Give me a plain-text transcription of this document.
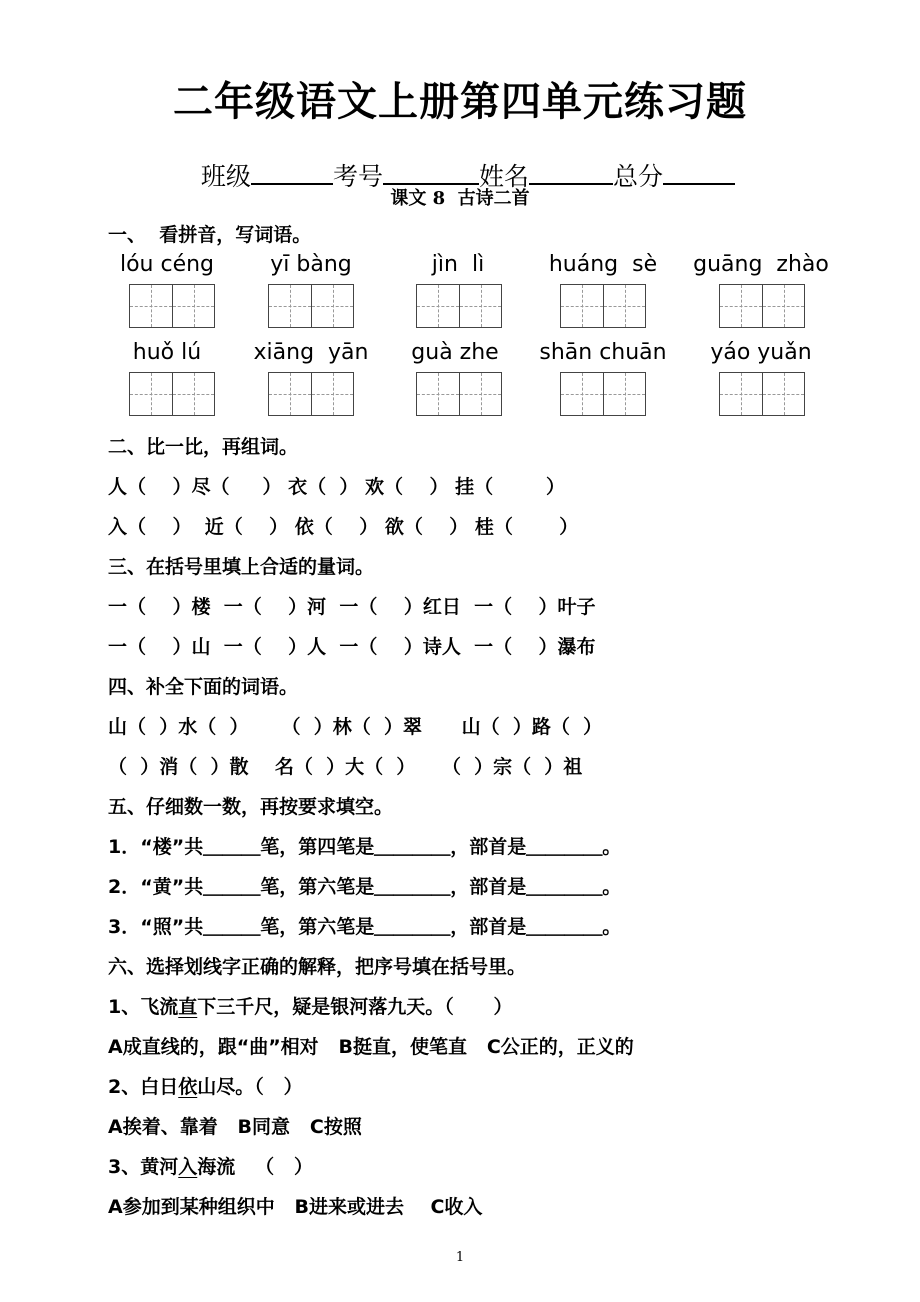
二年级语文上册第四单元练习题

班级	考号	姓名	总分

课文 8  古诗二首
一、  看拼音，写词语。
lóu céng	yī bàng	jìn  lì	huáng  sè	guāng  zhào
huǒ lú	xiāng  yān	guà zhe	shān chuān	yáo yuǎn
二、比一比，再组词。
人（    ）尽（     ） 衣（  ） 欢（    ） 挂（        ）
入（    ）  近（    ） 依（    ） 欲（    ） 桂（       ）
三、在括号里填上合适的量词。
一（    ）楼  一（    ）河  一（    ）红日  一（    ）叶子
一（    ）山  一（    ）人  一（    ）诗人  一（    ）瀑布
四、补全下面的词语。
山（  ）水（  ）     （  ）林（  ）翠      山（  ）路（  ）
（  ）消（  ）散    名（  ）大（  ）    （  ）宗（  ）祖
五、仔细数一数，再按要求填空。
1．“楼”共＿＿＿笔，第四笔是＿＿＿＿，部首是＿＿＿＿。
2．“黄”共＿＿＿笔，第六笔是＿＿＿＿，部首是＿＿＿＿。
3．“照”共＿＿＿笔，第六笔是＿＿＿＿，部首是＿＿＿＿。
六、选择划线字正确的解释，把序号填在括号里。
1、飞流直下三千尺，疑是银河落九天。（      ）
A成直线的，跟“曲”相对   B挺直，使笔直   C公正的，正义的
2、白日依山尽。（   ）
A挨着、靠着   B同意   C按照
3、黄河入海流   （   ）
A参加到某种组织中   B进来或进去    C收入
1
